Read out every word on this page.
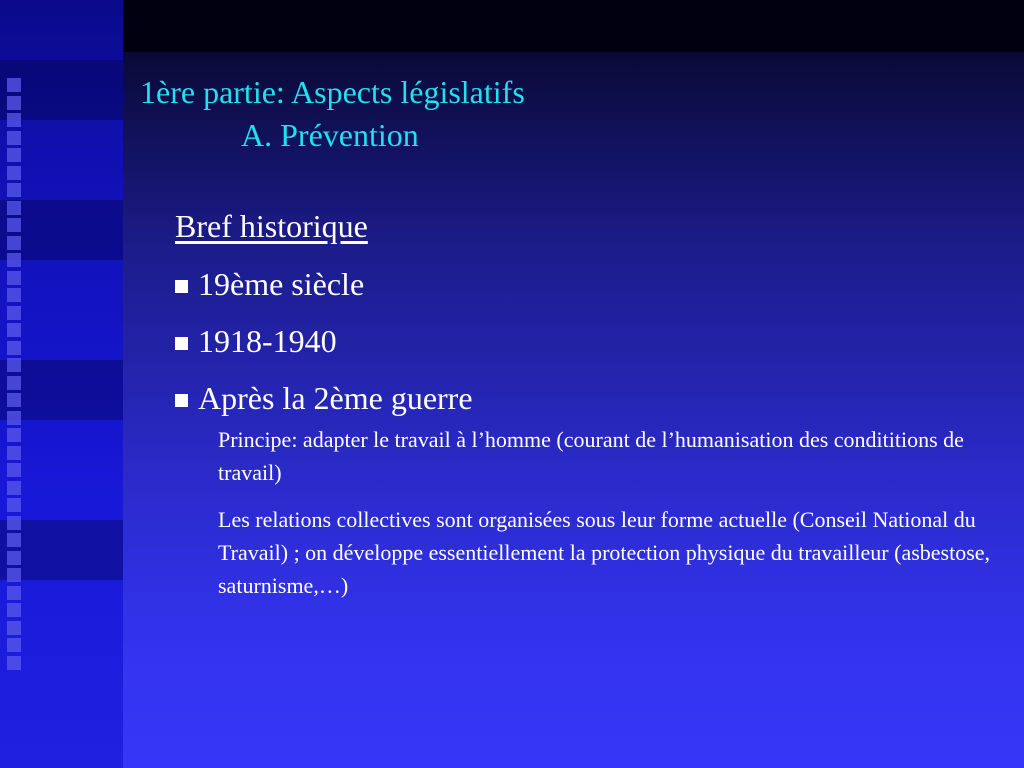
1ère partie: Aspects législatifs
A. Prévention
Bref historique
19ème siècle
1918-1940
Après la 2ème guerre
Principe: adapter le travail à l’homme (courant de l’humanisation des condititions de travail)
Les relations collectives sont organisées sous leur forme actuelle (Conseil National du Travail) ; on développe essentiellement la protection physique du travailleur (asbestose, saturnisme,…)
